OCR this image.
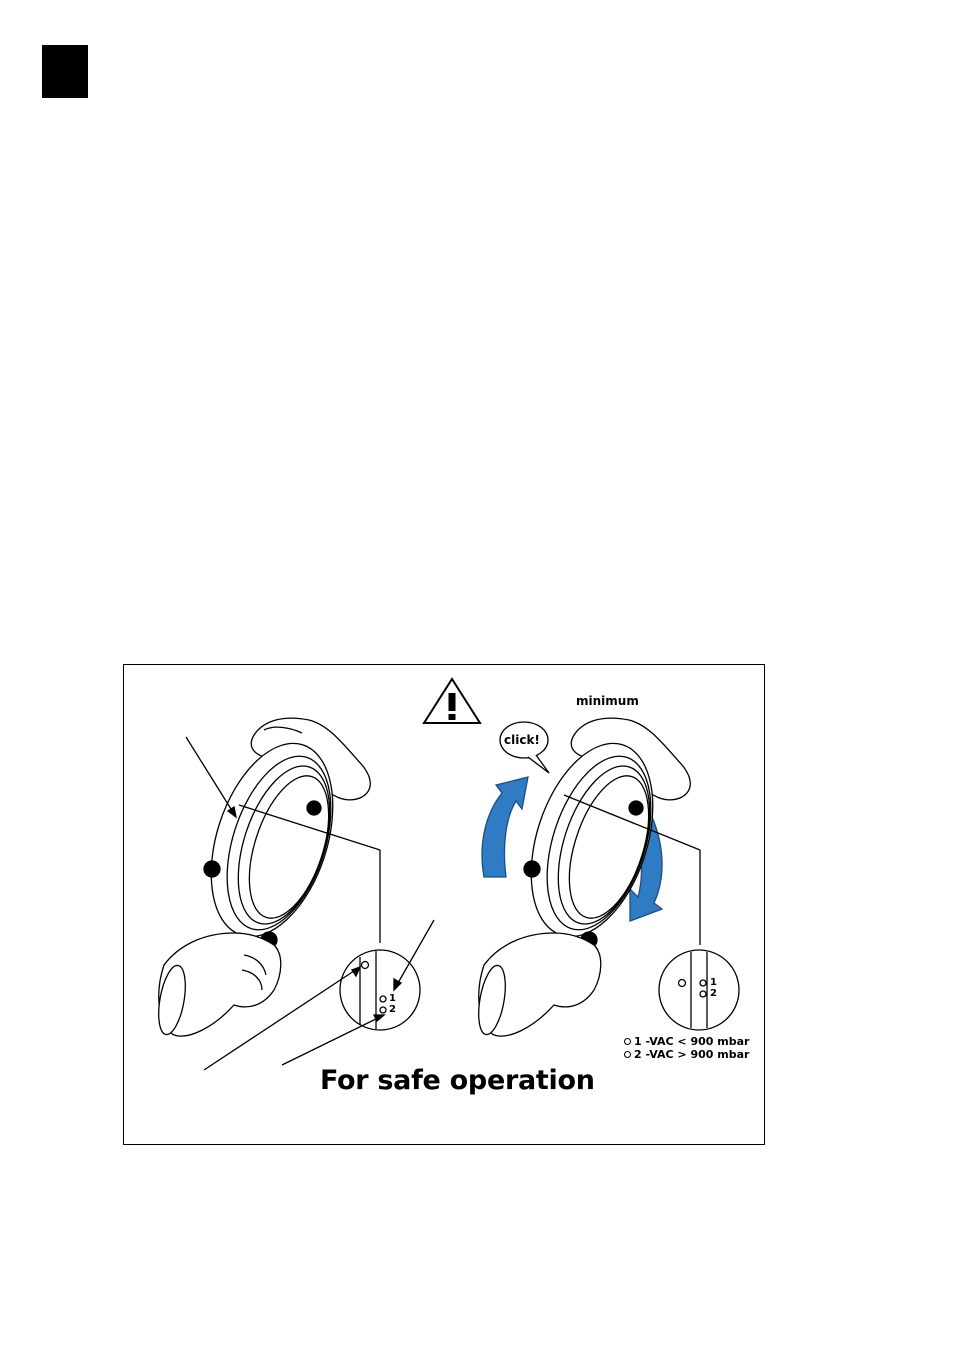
minimum
click!
1
2
1
2
1 -VAC < 900 mbar
2 -VAC > 900 mbar
For safe operation
